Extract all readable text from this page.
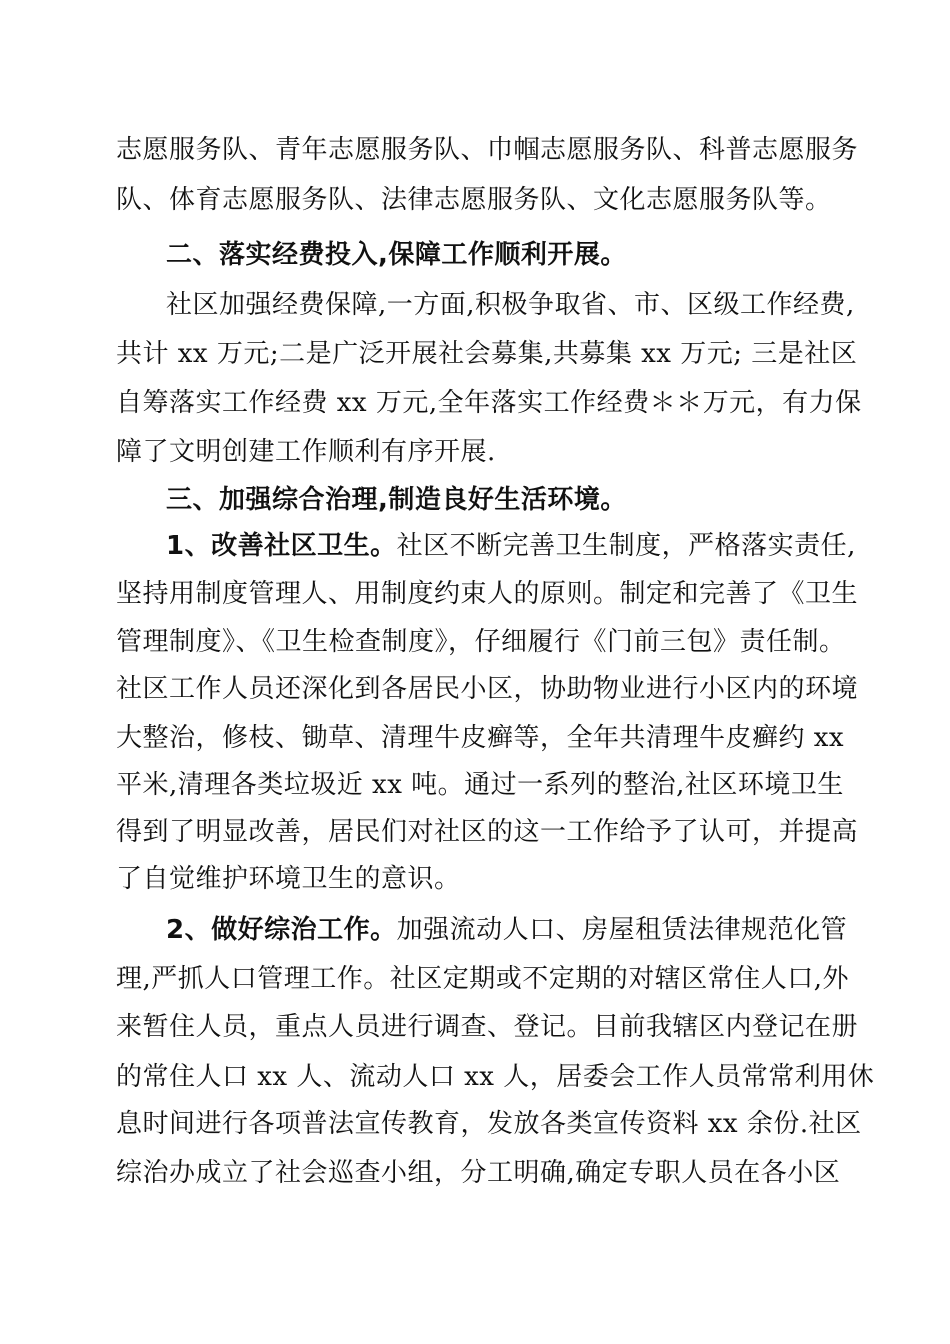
志愿服务队、青年志愿服务队、巾帼志愿服务队、科普志愿服务
队、体育志愿服务队、法律志愿服务队、文化志愿服务队等。
二、落实经费投入,保障工作顺利开展。
社区加强经费保障,一方面,积极争取省、市、区级工作经费,
共计 xx 万元;二是广泛开展社会募集,共募集 xx 万元; 三是社区
自筹落实工作经费 xx 万元,全年落实工作经费＊＊万元，有力保
障了文明创建工作顺利有序开展.
三、加强综合治理,制造良好生活环境。
1、改善社区卫生。社区不断完善卫生制度，严格落实责任,
坚持用制度管理人、用制度约束人的原则。制定和完善了《卫生
管理制度》、《卫生检查制度》，仔细履行《门前三包》责任制。
社区工作人员还深化到各居民小区，协助物业进行小区内的环境
大整治，修枝、锄草、清理牛皮癣等，全年共清理牛皮癣约 xx
平米,清理各类垃圾近 xx 吨。通过一系列的整治,社区环境卫生
得到了明显改善，居民们对社区的这一工作给予了认可，并提高
了自觉维护环境卫生的意识。
2、做好综治工作。加强流动人口、房屋租赁法律规范化管
理,严抓人口管理工作。社区定期或不定期的对辖区常住人口,外
来暂住人员，重点人员进行调查、登记。目前我辖区内登记在册
的常住人口 xx 人、流动人口 xx 人，居委会工作人员常常利用休
息时间进行各项普法宣传教育，发放各类宣传资料 xx 余份.社区
综治办成立了社会巡查小组，分工明确,确定专职人员在各小区
